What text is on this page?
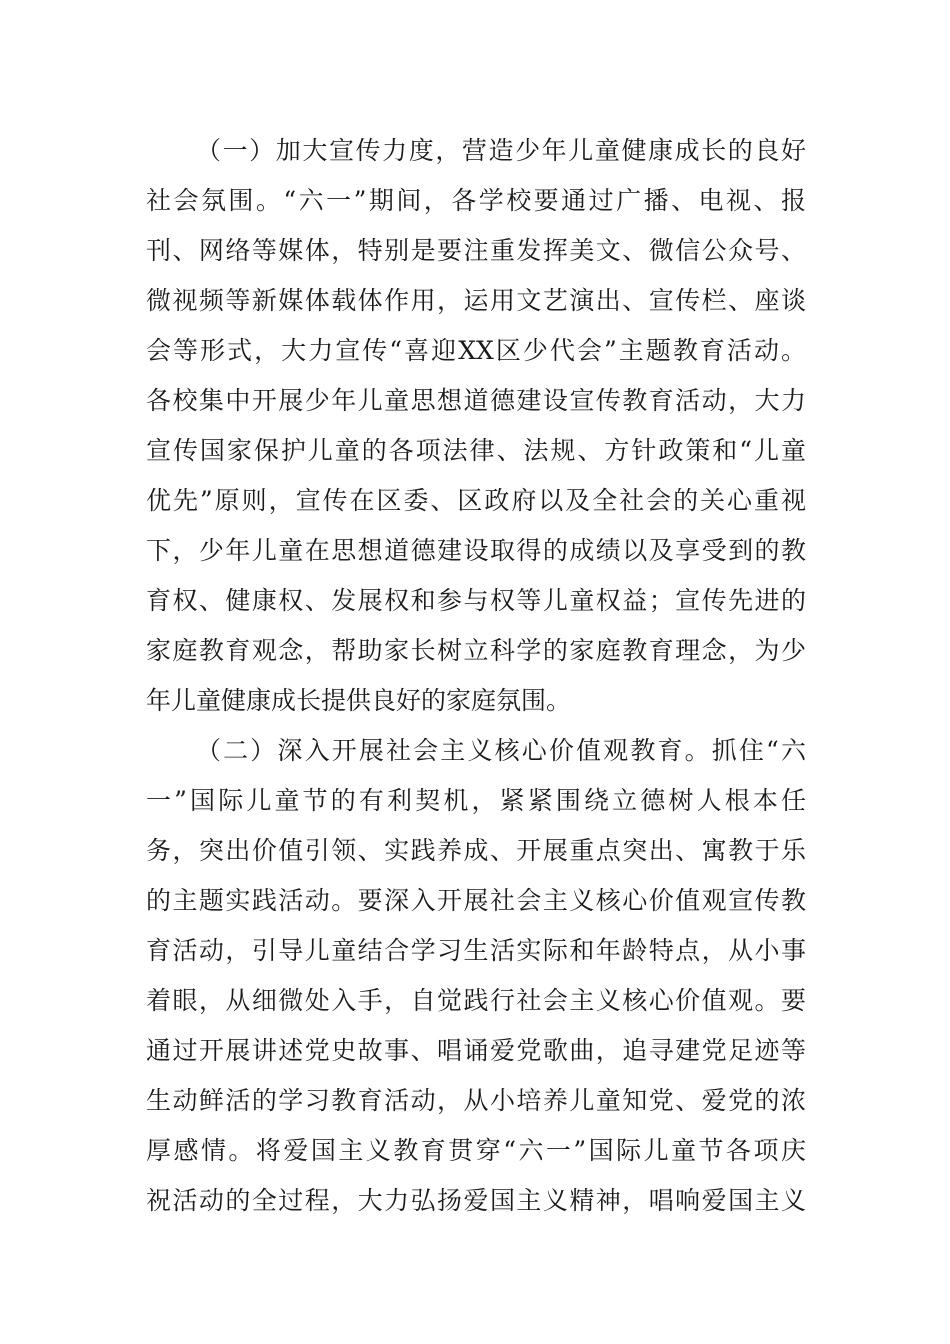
（一）加大宣传力度，营造少年儿童健康成长的良好
社会氛围。“六一”期间，各学校要通过广播、电视、报
刊、网络等媒体，特别是要注重发挥美文、微信公众号、
微视频等新媒体载体作用，运用文艺演出、宣传栏、座谈
会等形式，大力宣传“喜迎XX区少代会”主题教育活动。
各校集中开展少年儿童思想道德建设宣传教育活动，大力
宣传国家保护儿童的各项法律、法规、方针政策和“儿童
优先”原则，宣传在区委、区政府以及全社会的关心重视
下，少年儿童在思想道德建设取得的成绩以及享受到的教
育权、健康权、发展权和参与权等儿童权益；宣传先进的
家庭教育观念，帮助家长树立科学的家庭教育理念，为少
年儿童健康成长提供良好的家庭氛围。
（二）深入开展社会主义核心价值观教育。抓住“六
一”国际儿童节的有利契机，紧紧围绕立德树人根本任
务，突出价值引领、实践养成、开展重点突出、寓教于乐
的主题实践活动。要深入开展社会主义核心价值观宣传教
育活动，引导儿童结合学习生活实际和年龄特点，从小事
着眼，从细微处入手，自觉践行社会主义核心价值观。要
通过开展讲述党史故事、唱诵爱党歌曲，追寻建党足迹等
生动鲜活的学习教育活动，从小培养儿童知党、爱党的浓
厚感情。将爱国主义教育贯穿“六一”国际儿童节各项庆
祝活动的全过程，大力弘扬爱国主义精神，唱响爱国主义
